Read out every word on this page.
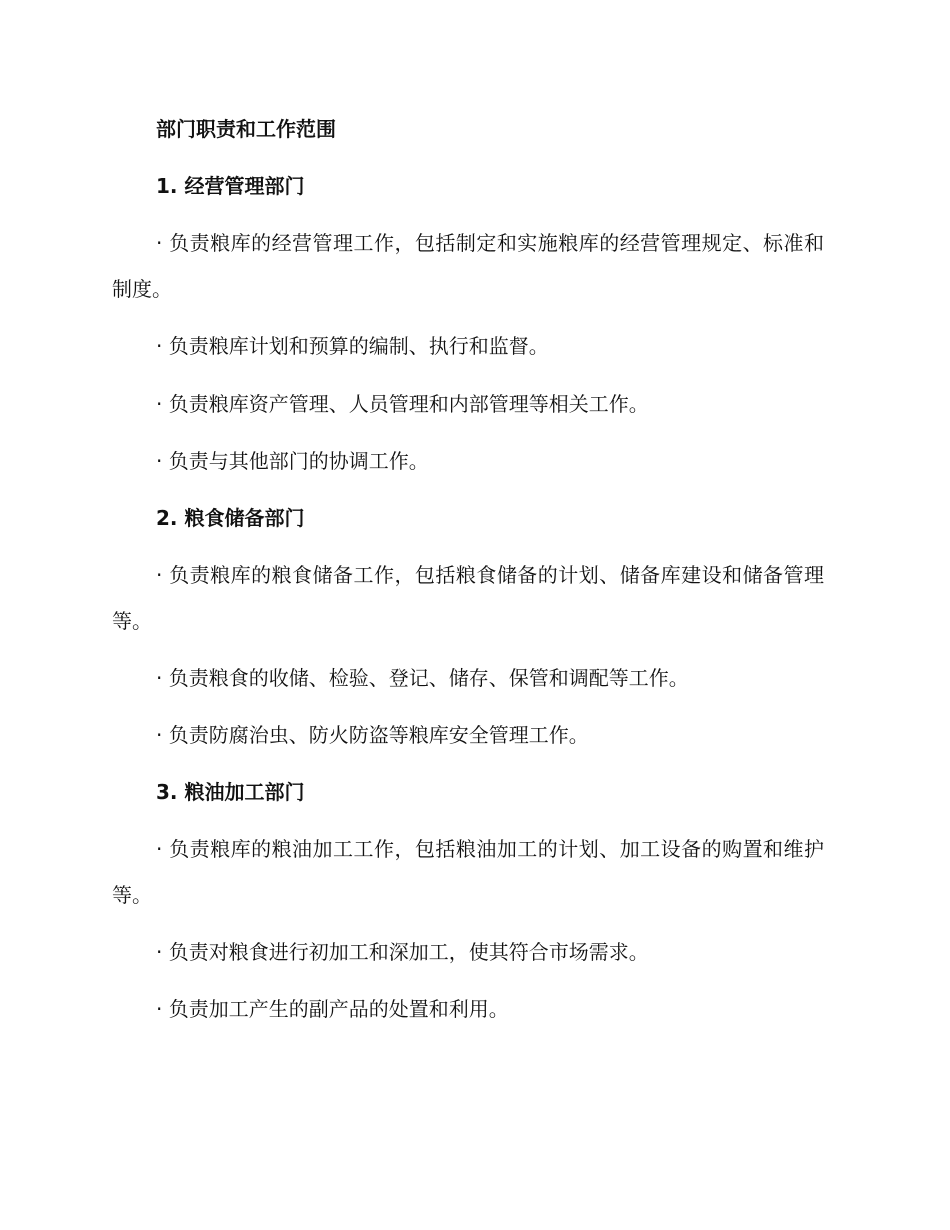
部门职责和工作范围
1. 经营管理部门
· 负责粮库的经营管理工作，包括制定和实施粮库的经营管理规定、标准和制度。
· 负责粮库计划和预算的编制、执行和监督。
· 负责粮库资产管理、人员管理和内部管理等相关工作。
· 负责与其他部门的协调工作。
2. 粮食储备部门
· 负责粮库的粮食储备工作，包括粮食储备的计划、储备库建设和储备管理等。
· 负责粮食的收储、检验、登记、储存、保管和调配等工作。
· 负责防腐治虫、防火防盗等粮库安全管理工作。
3. 粮油加工部门
· 负责粮库的粮油加工工作，包括粮油加工的计划、加工设备的购置和维护等。
· 负责对粮食进行初加工和深加工，使其符合市场需求。
· 负责加工产生的副产品的处置和利用。
